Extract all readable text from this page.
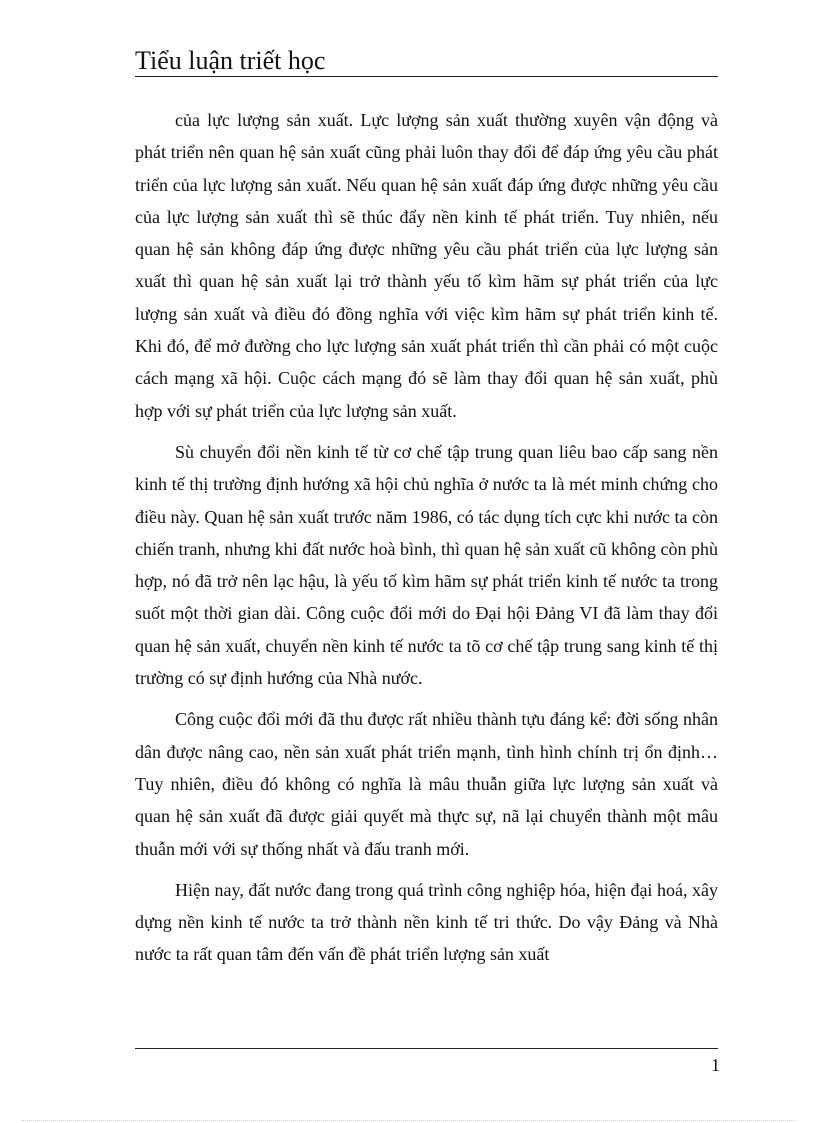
Tiểu luận triết học

của lực lượng sản xuất. Lực lượng sản xuất thường xuyên vận động và phát triển nên quan hệ sản xuất cũng phải luôn thay đổi để đáp ứng yêu cầu phát triển của lực lượng sản xuất. Nếu quan hệ sản xuất đáp ứng được những yêu cầu của lực lượng sản xuất thì sẽ thúc đẩy nền kinh tế phát triển. Tuy nhiên, nếu quan hệ sản không đáp ứng được những yêu cầu phát triển của lực lượng sản xuất thì quan hệ sản xuất lại trở thành yếu tố kìm hãm sự phát triển của lực lượng sản xuất và điều đó đồng nghĩa với việc kìm hãm sự phát triển kinh tế. Khi đó, để mở đường cho lực lượng sản xuất phát triển thì cần phải có một cuộc cách mạng xã hội. Cuộc cách mạng đó sẽ làm thay đổi quan hệ sản xuất, phù hợp với sự phát triển của lực lượng sản xuất.

Sù chuyển đổi nền kinh tế từ cơ chế tập trung quan liêu bao cấp sang nền kinh tế thị trường định hướng xã hội chủ nghĩa ở nước ta là mét minh chứng cho điều này. Quan hệ sản xuất trước năm 1986, có tác dụng tích cực khi nước ta còn chiến tranh, nhưng khi đất nước hoà bình, thì quan hệ sản xuất cũ không còn phù hợp, nó đã trở nên lạc hậu, là yếu tố kìm hãm sự phát triển kinh tế nước ta trong suốt một thời gian dài. Công cuộc đổi mới do Đại hội Đảng VI đã làm thay đổi quan hệ sản xuất, chuyển nền kinh tế nước ta tõ cơ chế tập trung sang kinh tế thị trường có sự định hướng của Nhà nước.

Công cuộc đổi mới đã thu được rất nhiều thành tựu đáng kể: đời sống nhân dân được nâng cao, nền sản xuất phát triển mạnh, tình hình chính trị ổn định…Tuy nhiên, điều đó không có nghĩa là mâu thuẫn giữa lực lượng sản xuất và quan hệ sản xuất đã được giải quyết mà thực sự, nã lại chuyển thành một mâu thuẫn mới với sự thống nhất và đấu tranh mới.

Hiện nay, đất nước đang trong quá trình công nghiệp hóa, hiện đại hoá, xây dựng nền kinh tế nước ta trở thành nền kinh tế tri thức. Do vậy Đảng và Nhà nước ta rất quan tâm đến vấn đề phát triển lượng sản xuất

1
